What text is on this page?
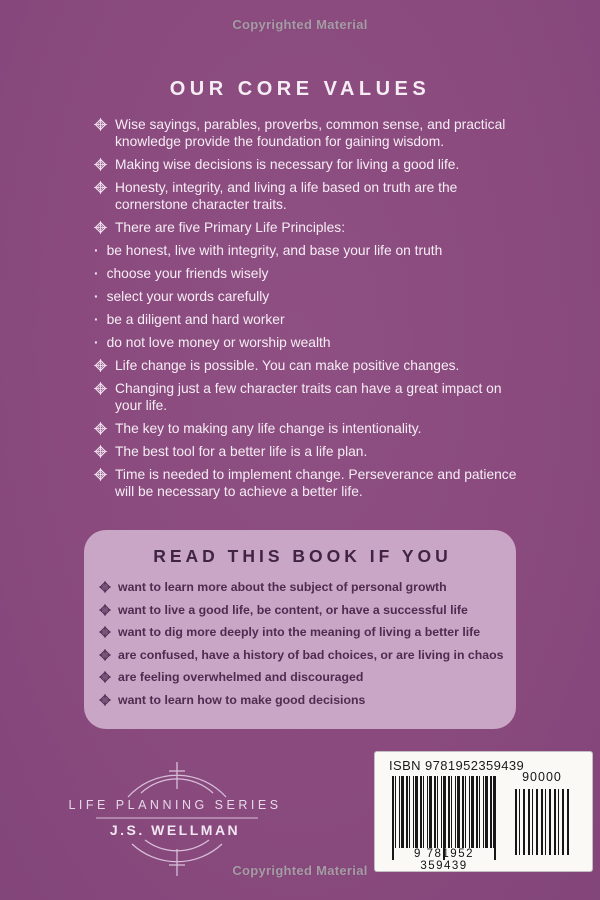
Copyrighted Material
OUR CORE VALUES
Wise sayings, parables, proverbs, common sense, and practical knowledge provide the foundation for gaining wisdom.
Making wise decisions is necessary for living a good life.
Honesty, integrity, and living a life based on truth are the cornerstone character traits.
There are five Primary Life Principles:
· be honest, live with integrity, and base your life on truth
· choose your friends wisely
· select your words carefully
· be a diligent and hard worker
· do not love money or worship wealth
Life change is possible. You can make positive changes.
Changing just a few character traits can have a great impact on your life.
The key to making any life change is intentionality.
The best tool for a better life is a life plan.
Time is needed to implement change. Perseverance and patience will be necessary to achieve a better life.
READ THIS BOOK IF YOU
want to learn more about the subject of personal growth
want to live a good life, be content, or have a successful life
want to dig more deeply into the meaning of living a better life
are confused, have a history of bad choices, or are living in chaos
are feeling overwhelmed and discouraged
want to learn how to make good decisions
LIFE PLANNING SERIES
J.S. WELLMAN
ISBN 9781952359439
9 781952 359439
90000
Copyrighted Material
